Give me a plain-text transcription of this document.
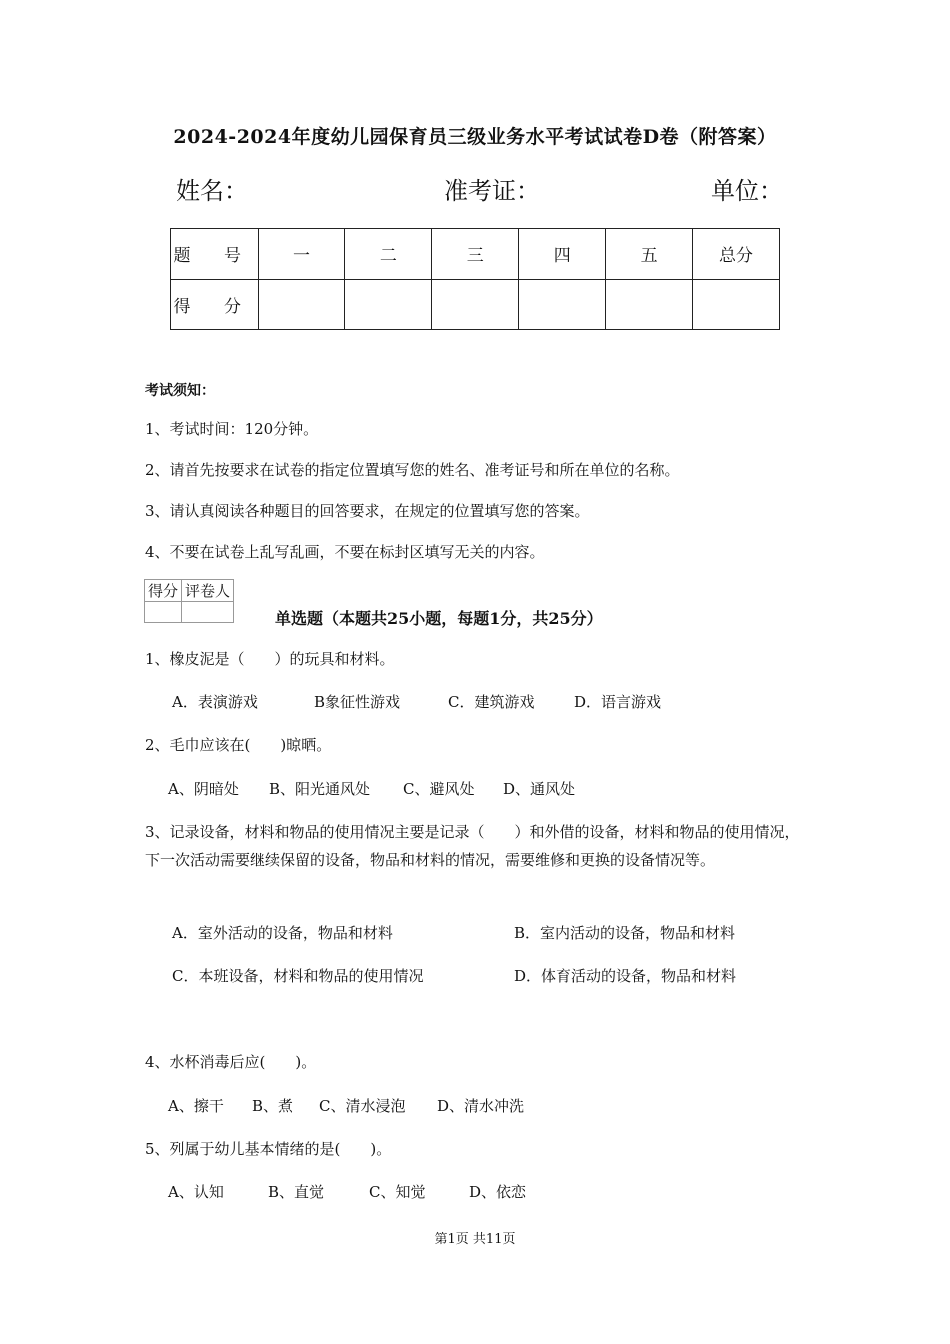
2024-2024年度幼儿园保育员三级业务水平考试试卷D卷（附答案）
姓名：	准考证：	单位：
题 号	一	二	三	四	五	总分
得 分						
考试须知：
1、考试时间：120分钟。
2、请首先按要求在试卷的指定位置填写您的姓名、准考证号和所在单位的名称。
3、请认真阅读各种题目的回答要求，在规定的位置填写您的答案。
4、不要在试卷上乱写乱画，不要在标封区填写无关的内容。
得分	评卷人

单选题（本题共25小题，每题1分，共25分）
1、橡皮泥是（　　）的玩具和材料。
A．表演游戏	B象征性游戏	C．建筑游戏	D．语言游戏
2、毛巾应该在(　　)晾晒。
A、阴暗处 B、阳光通风处 C、避风处 D、通风处
3、记录设备，材料和物品的使用情况主要是记录（　　）和外借的设备，材料和物品的使用情况，下一次活动需要继续保留的设备，物品和材料的情况，需要维修和更换的设备情况等。
A．室外活动的设备，物品和材料	B．室内活动的设备，物品和材料
C．本班设备，材料和物品的使用情况	D．体育活动的设备，物品和材料
4、水杯消毒后应(　　)。
A、擦干 B、煮 C、清水浸泡 D、清水冲洗
5、列属于幼儿基本情绪的是(　　)。
A、认知	B、直觉	C、知觉	D、依恋
第1页 共11页
